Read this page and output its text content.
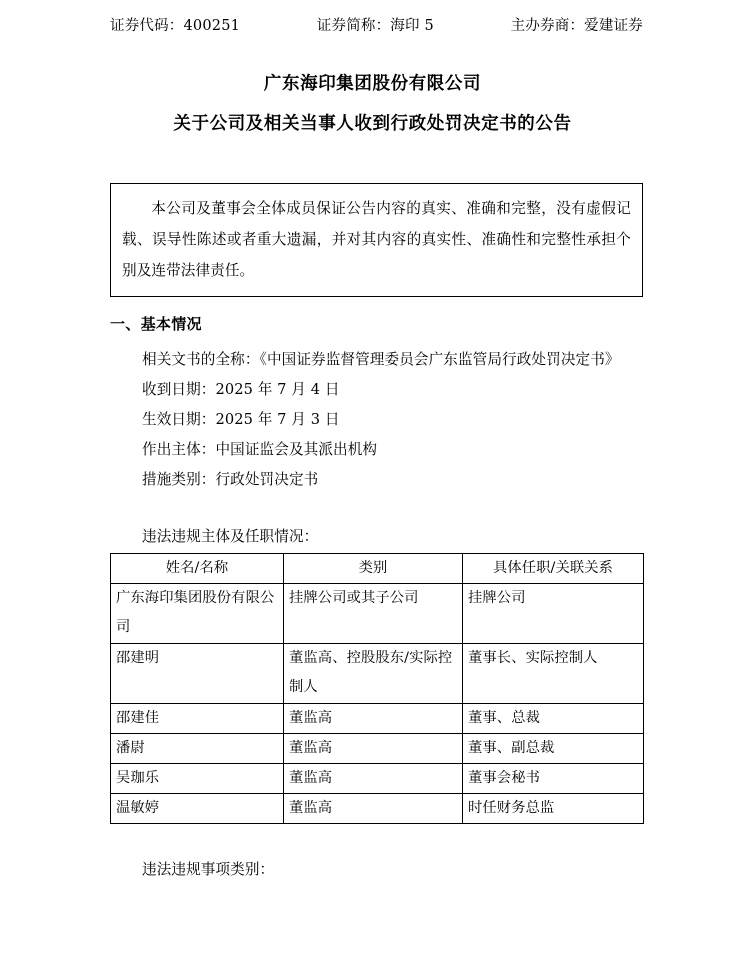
证券代码：400251	证券简称：海印 5	主办券商：爱建证券
广东海印集团股份有限公司
关于公司及相关当事人收到行政处罚决定书的公告

本公司及董事会全体成员保证公告内容的真实、准确和完整，没有虚假记载、误导性陈述或者重大遗漏，并对其内容的真实性、准确性和完整性承担个别及连带法律责任。

一、基本情况
相关文书的全称：《中国证券监督管理委员会广东监管局行政处罚决定书》
收到日期：2025 年 7 月 4 日
生效日期：2025 年 7 月 3 日
作出主体：中国证监会及其派出机构
措施类别：行政处罚决定书
违法违规主体及任职情况：
姓名/名称	类别	具体任职/关联关系
广东海印集团股份有限公司	挂牌公司或其子公司	挂牌公司
邵建明	董监高、控股股东/实际控制人	董事长、实际控制人
邵建佳	董监高	董事、总裁
潘尉	董监高	董事、副总裁
吴珈乐	董监高	董事会秘书
温敏婷	董监高	时任财务总监
违法违规事项类别：
